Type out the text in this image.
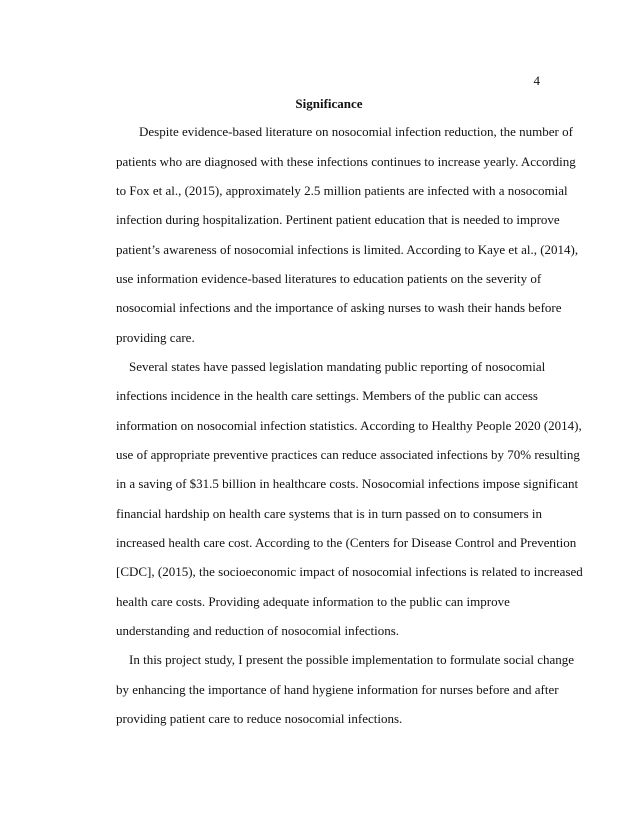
4
Significance
Despite evidence-based literature on nosocomial infection reduction, the number of
patients who are diagnosed with these infections continues to increase yearly. According
to Fox et al., (2015), approximately 2.5 million patients are infected with a nosocomial
infection during hospitalization. Pertinent patient education that is needed to improve
patient’s awareness of nosocomial infections is limited. According to Kaye et al., (2014),
use information evidence-based literatures to education patients on the severity of
nosocomial infections and the importance of asking nurses to wash their hands before
providing care.
Several states have passed legislation mandating public reporting of nosocomial
infections incidence in the health care settings. Members of the public can access
information on nosocomial infection statistics. According to Healthy People 2020 (2014),
use of appropriate preventive practices can reduce associated infections by 70% resulting
in a saving of $31.5 billion in healthcare costs. Nosocomial infections impose significant
financial hardship on health care systems that is in turn passed on to consumers in
increased health care cost. According to the (Centers for Disease Control and Prevention
[CDC], (2015), the socioeconomic impact of nosocomial infections is related to increased
health care costs. Providing adequate information to the public can improve
understanding and reduction of nosocomial infections.
In this project study, I present the possible implementation to formulate social change
by enhancing the importance of hand hygiene information for nurses before and after
providing patient care to reduce nosocomial infections.
